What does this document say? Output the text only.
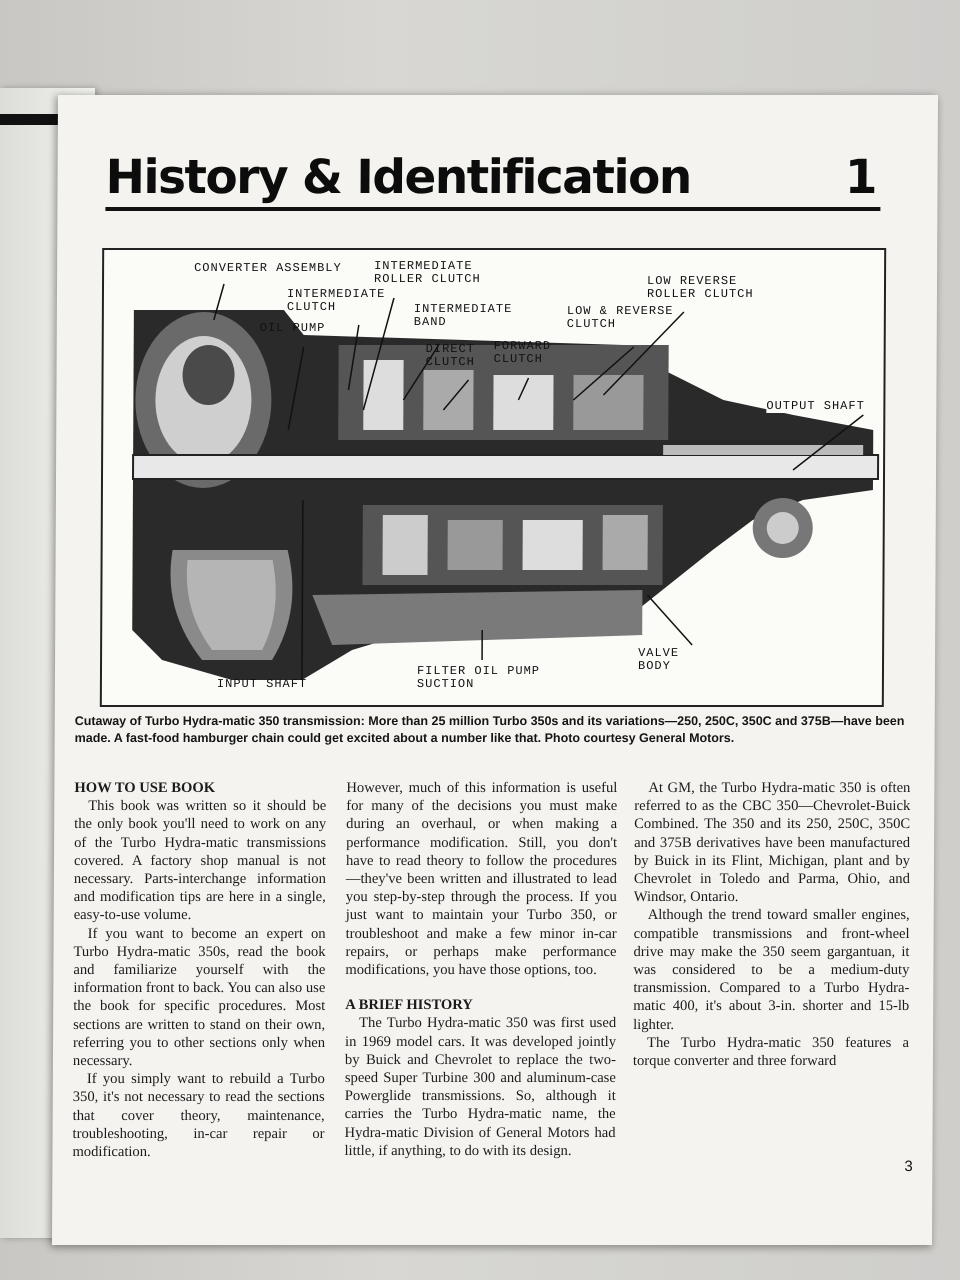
History & Identification	1
CONVERTER ASSEMBLY	INTERMEDIATE
ROLLER CLUTCH
INTERMEDIATE
CLUTCH
OIL PUMP
INTERMEDIATE
BAND
DIRECT
CLUTCH
FORWARD
CLUTCH
LOW & REVERSE
CLUTCH
LOW REVERSE
ROLLER CLUTCH
OUTPUT SHAFT
VALVE
BODY
FILTER OIL PUMP
SUCTION
INPUT SHAFT
Cutaway of Turbo Hydra-matic 350 transmission: More than 25 million Turbo 350s and its variations—250, 250C, 350C and 375B—have been made. A fast-food hamburger chain could get excited about a number like that. Photo courtesy General Motors.
HOW TO USE BOOK

This book was written so it should be the only book you'll need to work on any of the Turbo Hydra-matic transmissions covered. A factory shop manual is not necessary. Parts-interchange information and modification tips are here in a single, easy-to-use volume.

If you want to become an expert on Turbo Hydra-matic 350s, read the book and familiarize yourself with the information front to back. You can also use the book for specific procedures. Most sections are written to stand on their own, referring you to other sections only when necessary.

If you simply want to rebuild a Turbo 350, it's not necessary to read the sections that cover theory, maintenance, troubleshooting, in-car repair or modification.

However, much of this information is useful for many of the decisions you must make during an overhaul, or when making a performance modification. Still, you don't have to read theory to follow the procedures—they've been written and illustrated to lead you step-by-step through the process. If you just want to maintain your Turbo 350, or troubleshoot and make a few minor in-car repairs, or perhaps make performance modifications, you have those options, too.

A BRIEF HISTORY

The Turbo Hydra-matic 350 was first used in 1969 model cars. It was developed jointly by Buick and Chevrolet to replace the two-speed Super Turbine 300 and aluminum-case Powerglide transmissions. So, although it carries the Turbo Hydra-matic name, the Hydra-matic Division of General Motors had little, if anything, to do with its design.

At GM, the Turbo Hydra-matic 350 is often referred to as the CBC 350—Chevrolet-Buick Combined. The 350 and its 250, 250C, 350C and 375B derivatives have been manufactured by Buick in its Flint, Michigan, plant and by Chevrolet in Toledo and Parma, Ohio, and Windsor, Ontario.

Although the trend toward smaller engines, compatible transmissions and front-wheel drive may make the 350 seem gargantuan, it was considered to be a medium-duty transmission. Compared to a Turbo Hydra-matic 400, it's about 3-in. shorter and 15-lb lighter.

The Turbo Hydra-matic 350 features a torque converter and three forward

3
